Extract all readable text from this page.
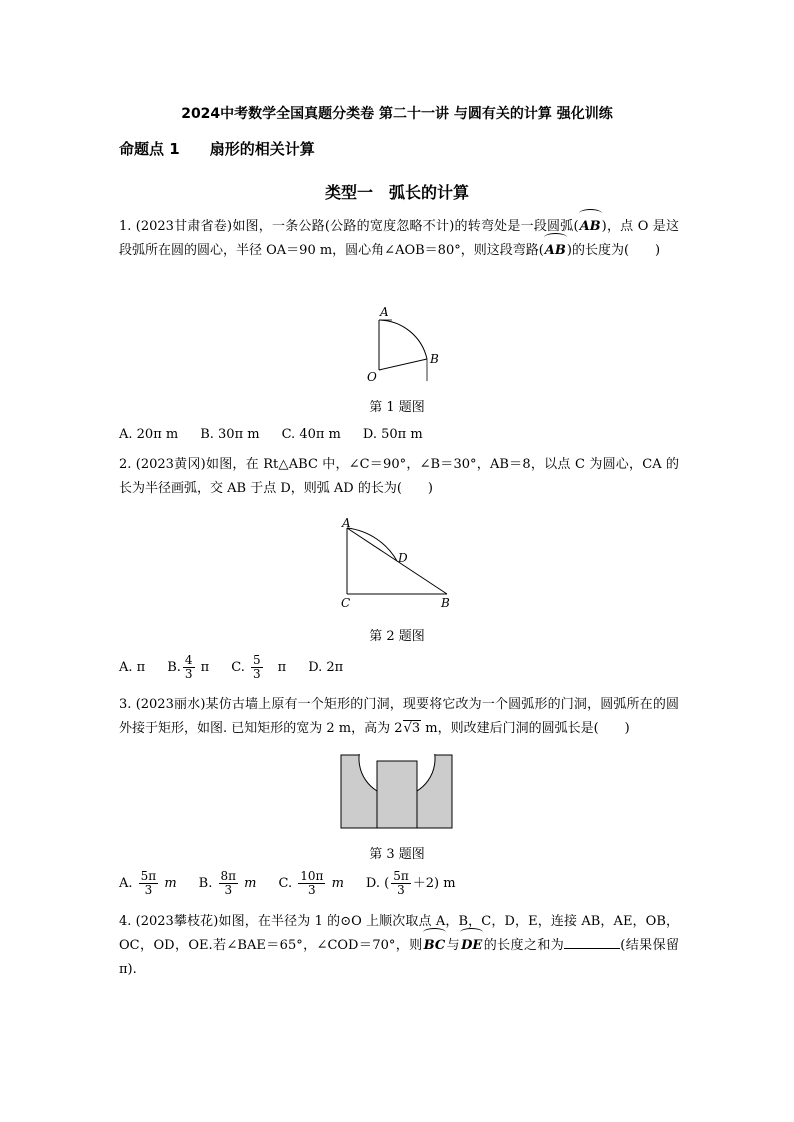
2024中考数学全国真题分类卷 第二十一讲 与圆有关的计算 强化训练
命题点 1　　 扇形的相关计算
类型一　弧长的计算
1. (2023甘肃省卷)如图，一条公路(公路的宽度忽略不计)的转弯处是一段圆弧(AB)，点 O 是这段弧所在圆的圆心，半径 OA＝90 m，圆心角∠AOB＝80°，则这段弯路(AB)的长度为(　　)
A
B
O
第 1 题图
A. 20π m B. 30π m C. 40π m D. 50π m
2. (2023黄冈)如图，在 Rt△ABC 中，∠C＝90°，∠B＝30°，AB＝8，以点 C 为圆心，CA 的长为半径画弧，交 AB 于点 D，则弧 AD 的长为(　　)
A
D
C	B
第 2 题图
A. π B. $\frac{4}{3}$ π C. $\frac{5}{3}$
　 π D. 2π
3. (2023丽水)某仿古墙上原有一个矩形的门洞，现要将它改为一个圆弧形的门洞，圆弧所在的圆外接于矩形，如图. 已知矩形的宽为 2 m，高为 2√3 m，则改建后门洞的圆弧长是(　　)
第 3 题图
A. $\frac{5\pi}{3}$ m B. $\frac{8\pi}{3}$ m C. $\frac{10\pi}{3}$ m D. ( $\frac{5\pi}{3} +2$) m
4. (2023攀枝花)如图，在半径为 1 的⊙O 上顺次取点 A，B，C，D，E，连接 AB，AE，OB，OC，OD，OE.若∠BAE＝65°，∠COD＝70°，则BC与DE的长度之和为	(结果保留π).
